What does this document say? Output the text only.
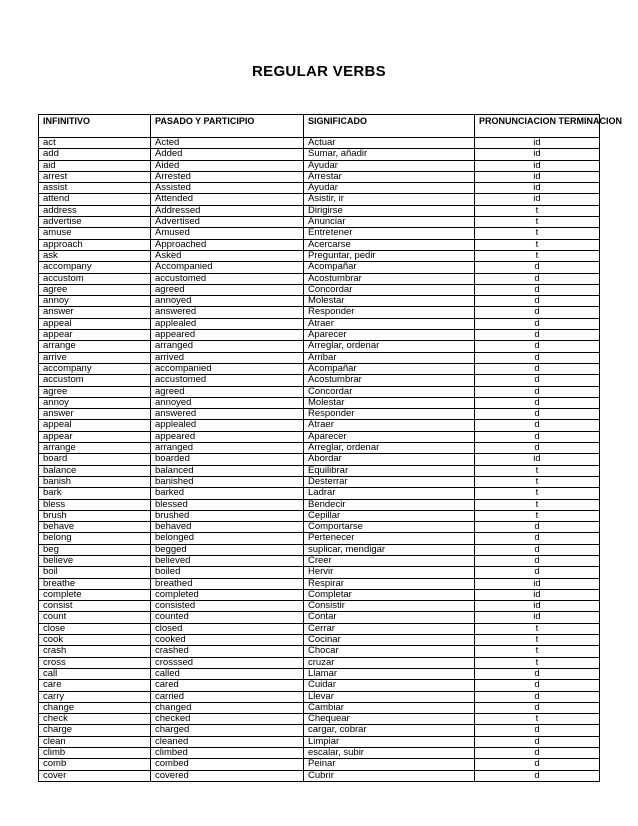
REGULAR VERBS
INFINITIVO	PASADO Y PARTICIPIO	SIGNIFICADO	PRONUNCIACION TERMINACION
act	Acted	Actuar	id
add	Added	Sumar, añadir	id
aid	Aided	Ayudar	id
arrest	Arrested	Arrestar	id
assist	Assisted	Ayudar	id
attend	Attended	Asistir, ir	id
address	Addressed	Dirigirse	t
advertise	Advertised	Anunciar	t
amuse	Amused	Entretener	t
approach	Approached	Acercarse	t
ask	Asked	Preguntar, pedir	t
accompany	Accompanied	Acompañar	d
accustom	accustomed	Acostumbrar	d
agree	agreed	Concordar	d
annoy	annoyed	Molestar	d
answer	answered	Responder	d
appeal	applealed	Atraer	d
appear	appeared	Aparecer	d
arrange	arranged	Arreglar, ordenar	d
arrive	arrived	Arribar	d
accompany	accompanied	Acompañar	d
accustom	accustomed	Acostumbrar	d
agree	agreed	Concordar	d
annoy	annoyed	Molestar	d
answer	answered	Responder	d
appeal	applealed	Atraer	d
appear	appeared	Aparecer	d
arrange	arranged	Arreglar, ordenar	d
board	boarded	Abordar	id
balance	balanced	Equilibrar	t
banish	banished	Desterrar	t
bark	barked	Ladrar	t
bless	blessed	Bendecir	t
brush	brushed	Cepillar	t
behave	behaved	Comportarse	d
belong	belonged	Pertenecer	d
beg	begged	suplicar, mendigar	d
believe	believed	Creer	d
boil	boiled	Hervir	d
breathe	breathed	Respirar	id
complete	completed	Completar	id
consist	consisted	Consistir	id
count	counted	Contar	id
close	closed	Cerrar	t
cook	cooked	Cocinar	t
crash	crashed	Chocar	t
cross	crosssed	cruzar	t
call	called	Llamar	d
care	cared	Cuidar	d
carry	carried	Llevar	d
change	changed	Cambiar	d
check	checked	Chequear	t
charge	charged	cargar, cobrar	d
clean	cleaned	Limpiar	d
climb	climbed	escalar, subir	d
comb	combed	Peinar	d
cover	covered	Cubrir	d
